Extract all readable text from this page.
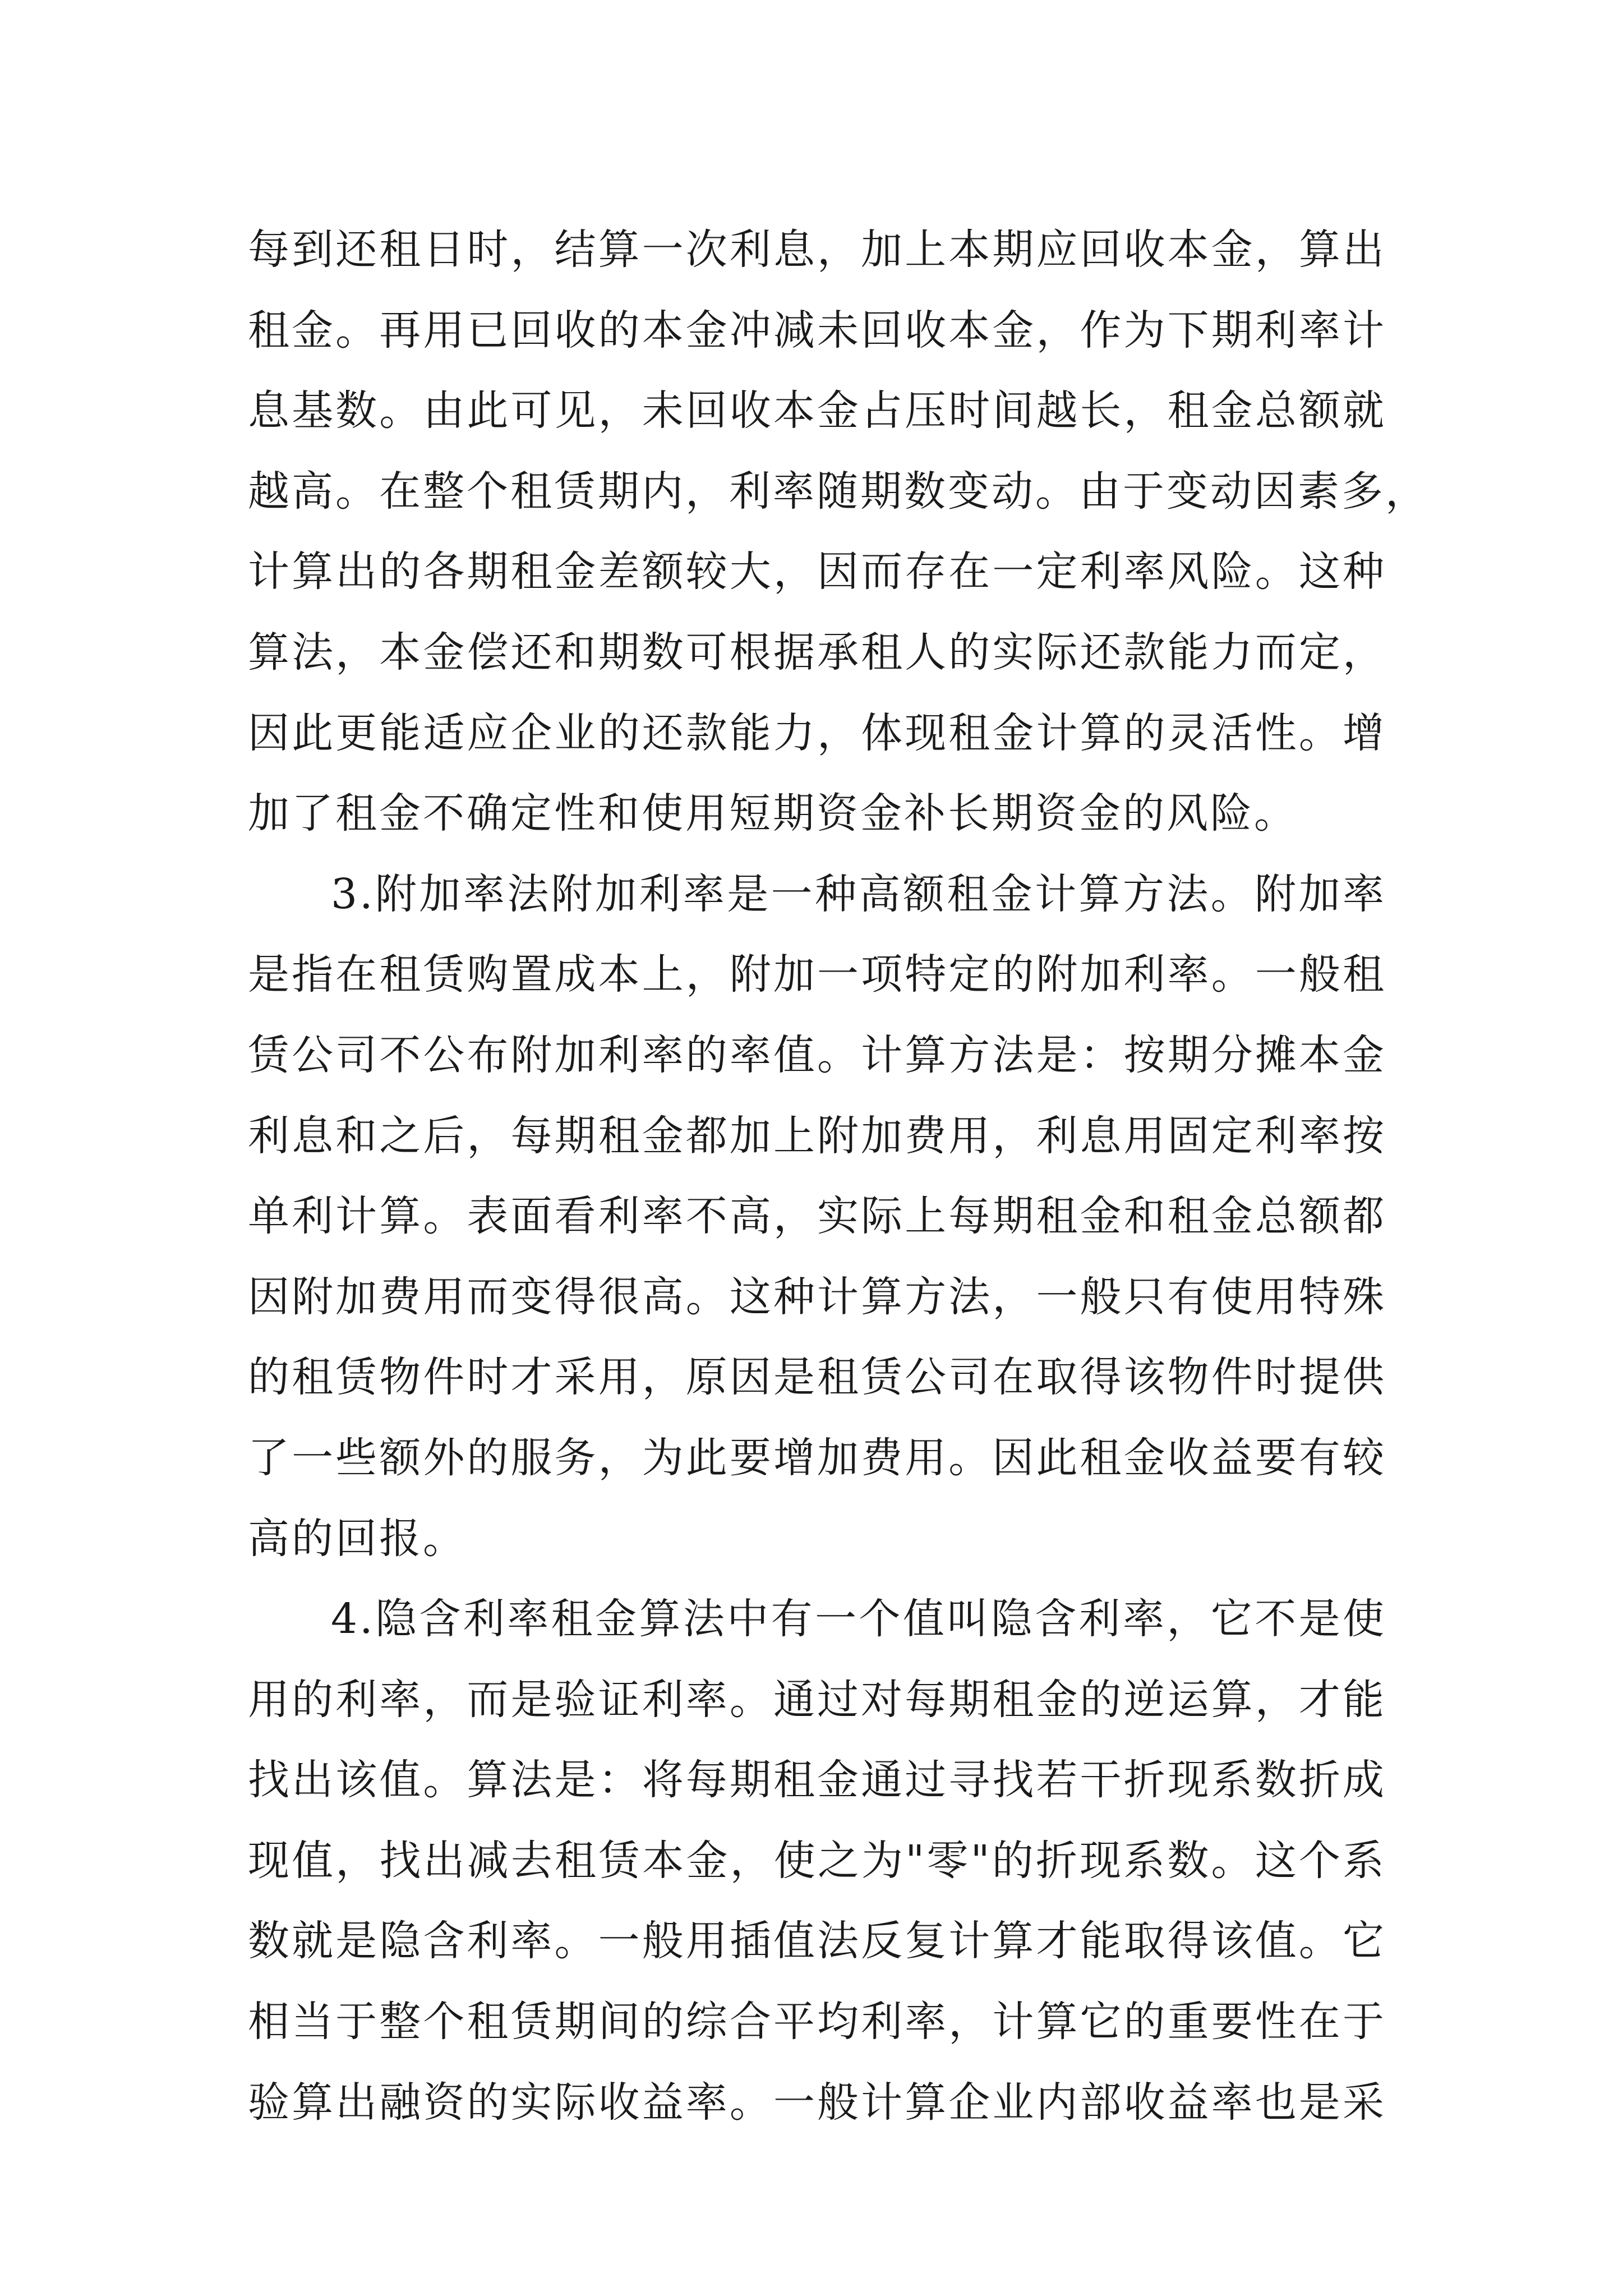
每到还租日时，结算一次利息，加上本期应回收本金，算出
租金。再用已回收的本金冲减未回收本金，作为下期利率计
息基数。由此可见，未回收本金占压时间越长，租金总额就
越高。在整个租赁期内，利率随期数变动。由于变动因素多，
计算出的各期租金差额较大，因而存在一定利率风险。这种
算法，本金偿还和期数可根据承租人的实际还款能力而定，
因此更能适应企业的还款能力，体现租金计算的灵活性。增
加了租金不确定性和使用短期资金补长期资金的风险。
3.附加率法附加利率是一种高额租金计算方法。附加率
是指在租赁购置成本上，附加一项特定的附加利率。一般租
赁公司不公布附加利率的率值。计算方法是：按期分摊本金
利息和之后，每期租金都加上附加费用，利息用固定利率按
单利计算。表面看利率不高，实际上每期租金和租金总额都
因附加费用而变得很高。这种计算方法，一般只有使用特殊
的租赁物件时才采用，原因是租赁公司在取得该物件时提供
了一些额外的服务，为此要增加费用。因此租金收益要有较
高的回报。
4.隐含利率租金算法中有一个值叫隐含利率，它不是使
用的利率，而是验证利率。通过对每期租金的逆运算，才能
找出该值。算法是：将每期租金通过寻找若干折现系数折成
现值，找出减去租赁本金，使之为"零"的折现系数。这个系
数就是隐含利率。一般用插值法反复计算才能取得该值。它
相当于整个租赁期间的综合平均利率，计算它的重要性在于
验算出融资的实际收益率。一般计算企业内部收益率也是采
